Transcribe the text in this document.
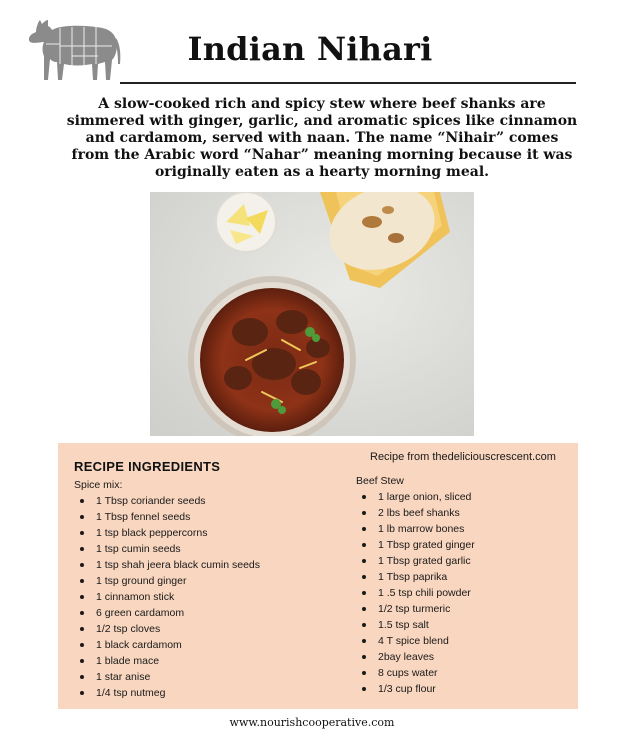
Indian Nihari
A slow-cooked rich and spicy stew where beef shanks are simmered with ginger, garlic, and aromatic spices like cinnamon and cardamom, served with naan. The name “Nihair” comes from the Arabic word “Nahar” meaning morning because it was originally eaten as a hearty morning meal.
RECIPE INGREDIENTS
Recipe from thedeliciouscrescent.com
Spice mix:
1 Tbsp coriander seeds
1 Tbsp fennel seeds
1 tsp black peppercorns
1 tsp cumin seeds
1 tsp shah jeera black cumin seeds
1 tsp ground ginger
1 cinnamon stick
6 green cardamom
1/2 tsp cloves
1 black cardamom
1 blade mace
1 star anise
1/4 tsp nutmeg
Beef Stew
1 large onion, sliced
2 lbs beef shanks
1 lb marrow bones
1 Tbsp grated ginger
1 Tbsp grated garlic
1 Tbsp paprika
1 .5 tsp chili powder
1/2 tsp turmeric
1.5 tsp salt
4 T spice blend
2bay leaves
8 cups water
1/3 cup flour
www.nourishcooperative.com
